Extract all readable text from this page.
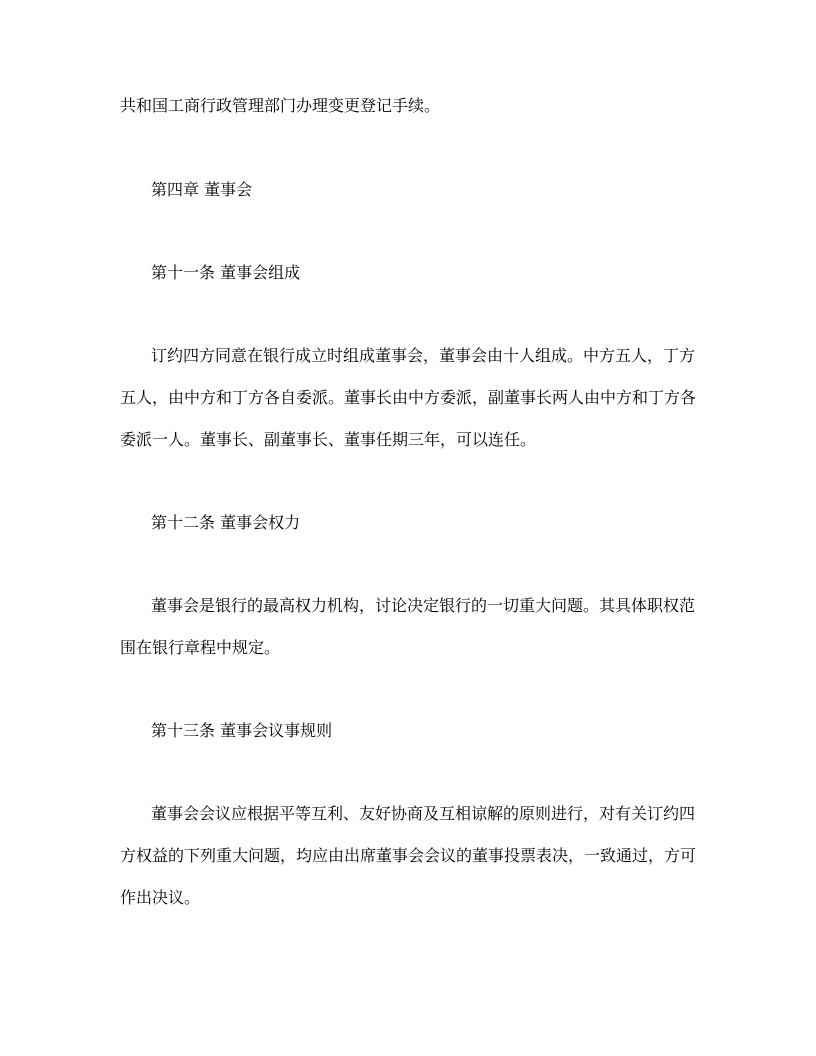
共和国工商行政管理部门办理变更登记手续。
第四章 董事会
第十一条 董事会组成
订约四方同意在银行成立时组成董事会，董事会由十人组成。中方五人，丁方
五人，由中方和丁方各自委派。董事长由中方委派，副董事长两人由中方和丁方各
委派一人。董事长、副董事长、董事任期三年，可以连任。
第十二条 董事会权力
董事会是银行的最高权力机构，讨论决定银行的一切重大问题。其具体职权范
围在银行章程中规定。
第十三条 董事会议事规则
董事会会议应根据平等互利、友好协商及互相谅解的原则进行，对有关订约四
方权益的下列重大问题，均应由出席董事会会议的董事投票表决，一致通过，方可
作出决议。
